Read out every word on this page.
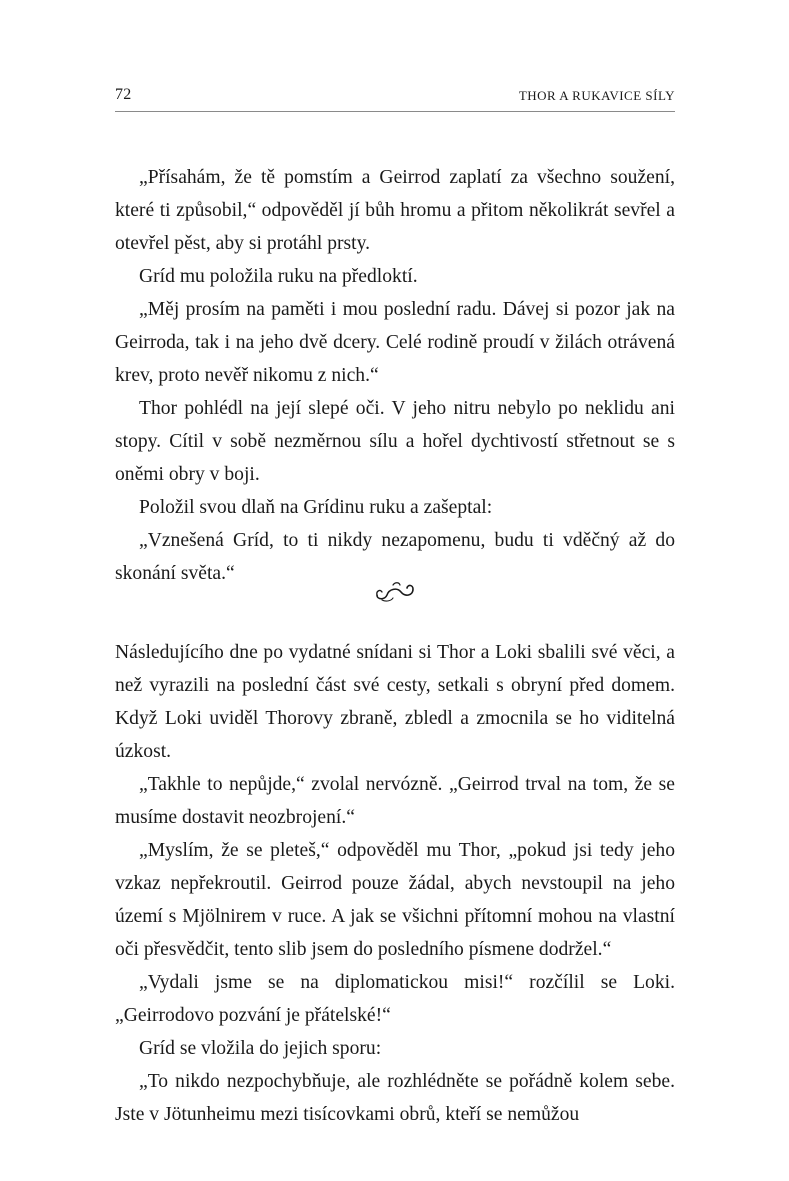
72	THOR A RUKAVICE SÍLY

„Přísahám, že tě pomstím a Geirrod zaplatí za všechno soužení, které ti způsobil,“ odpověděl jí bůh hromu a přitom několikrát sevřel a otevřel pěst, aby si protáhl prsty.

Gríd mu položila ruku na předloktí.

„Měj prosím na paměti i mou poslední radu. Dávej si pozor jak na Geirroda, tak i na jeho dvě dcery. Celé rodině proudí v žilách otrávená krev, proto nevěř nikomu z nich.“

Thor pohlédl na její slepé oči. V jeho nitru nebylo po neklidu ani stopy. Cítil v sobě nezměrnou sílu a hořel dychtivostí střetnout se s oněmi obry v boji.

Položil svou dlaň na Grídinu ruku a zašeptal:

„Vznešená Gríd, to ti nikdy nezapomenu, budu ti vděčný až do skonání světa.“

Následujícího dne po vydatné snídani si Thor a Loki sbalili své věci, a než vyrazili na poslední část své cesty, setkali s obryní před domem. Když Loki uviděl Thorovy zbraně, zbledl a zmocnila se ho viditelná úzkost.

„Takhle to nepůjde,“ zvolal nervózně. „Geirrod trval na tom, že se musíme dostavit neozbrojení.“

„Myslím, že se pleteš,“ odpověděl mu Thor, „pokud jsi tedy jeho vzkaz nepřekroutil. Geirrod pouze žádal, abych nevstoupil na jeho území s Mjölnirem v ruce. A jak se všichni přítomní mohou na vlastní oči přesvědčit, tento slib jsem do posledního písmene dodržel.“

„Vydali jsme se na diplomatickou misi!“ rozčílil se Loki. „Geirrodovo pozvání je přátelské!“

Gríd se vložila do jejich sporu:

„To nikdo nezpochybňuje, ale rozhlédněte se pořádně kolem sebe. Jste v Jötunheimu mezi tisícovkami obrů, kteří se nemůžou
